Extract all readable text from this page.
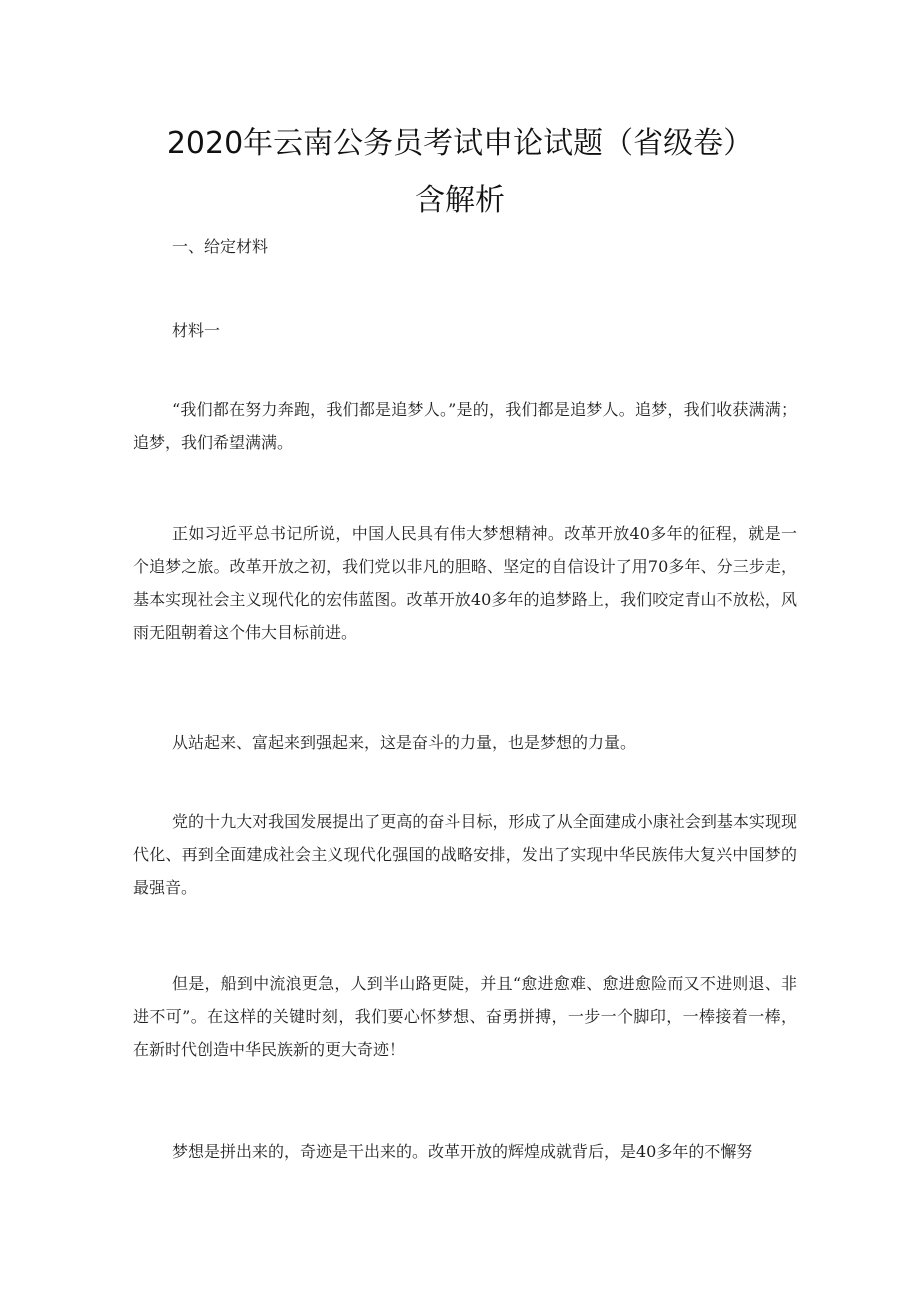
2020年云南公务员考试申论试题（省级卷）
含解析

一、给定材料

材料一

“我们都在努力奔跑，我们都是追梦人。”是的，我们都是追梦人。追梦，我们收获满满；追梦，我们希望满满。

正如习近平总书记所说，中国人民具有伟大梦想精神。改革开放40多年的征程，就是一个追梦之旅。改革开放之初，我们党以非凡的胆略、坚定的自信设计了用70多年、分三步走，基本实现社会主义现代化的宏伟蓝图。改革开放40多年的追梦路上，我们咬定青山不放松，风雨无阻朝着这个伟大目标前进。

从站起来、富起来到强起来，这是奋斗的力量，也是梦想的力量。

党的十九大对我国发展提出了更高的奋斗目标，形成了从全面建成小康社会到基本实现现代化、再到全面建成社会主义现代化强国的战略安排，发出了实现中华民族伟大复兴中国梦的最强音。

但是，船到中流浪更急，人到半山路更陡，并且“愈进愈难、愈进愈险而又不进则退、非进不可”。在这样的关键时刻，我们要心怀梦想、奋勇拼搏，一步一个脚印，一棒接着一棒，在新时代创造中华民族新的更大奇迹！

梦想是拼出来的，奇迹是干出来的。改革开放的辉煌成就背后，是40多年的不懈努
